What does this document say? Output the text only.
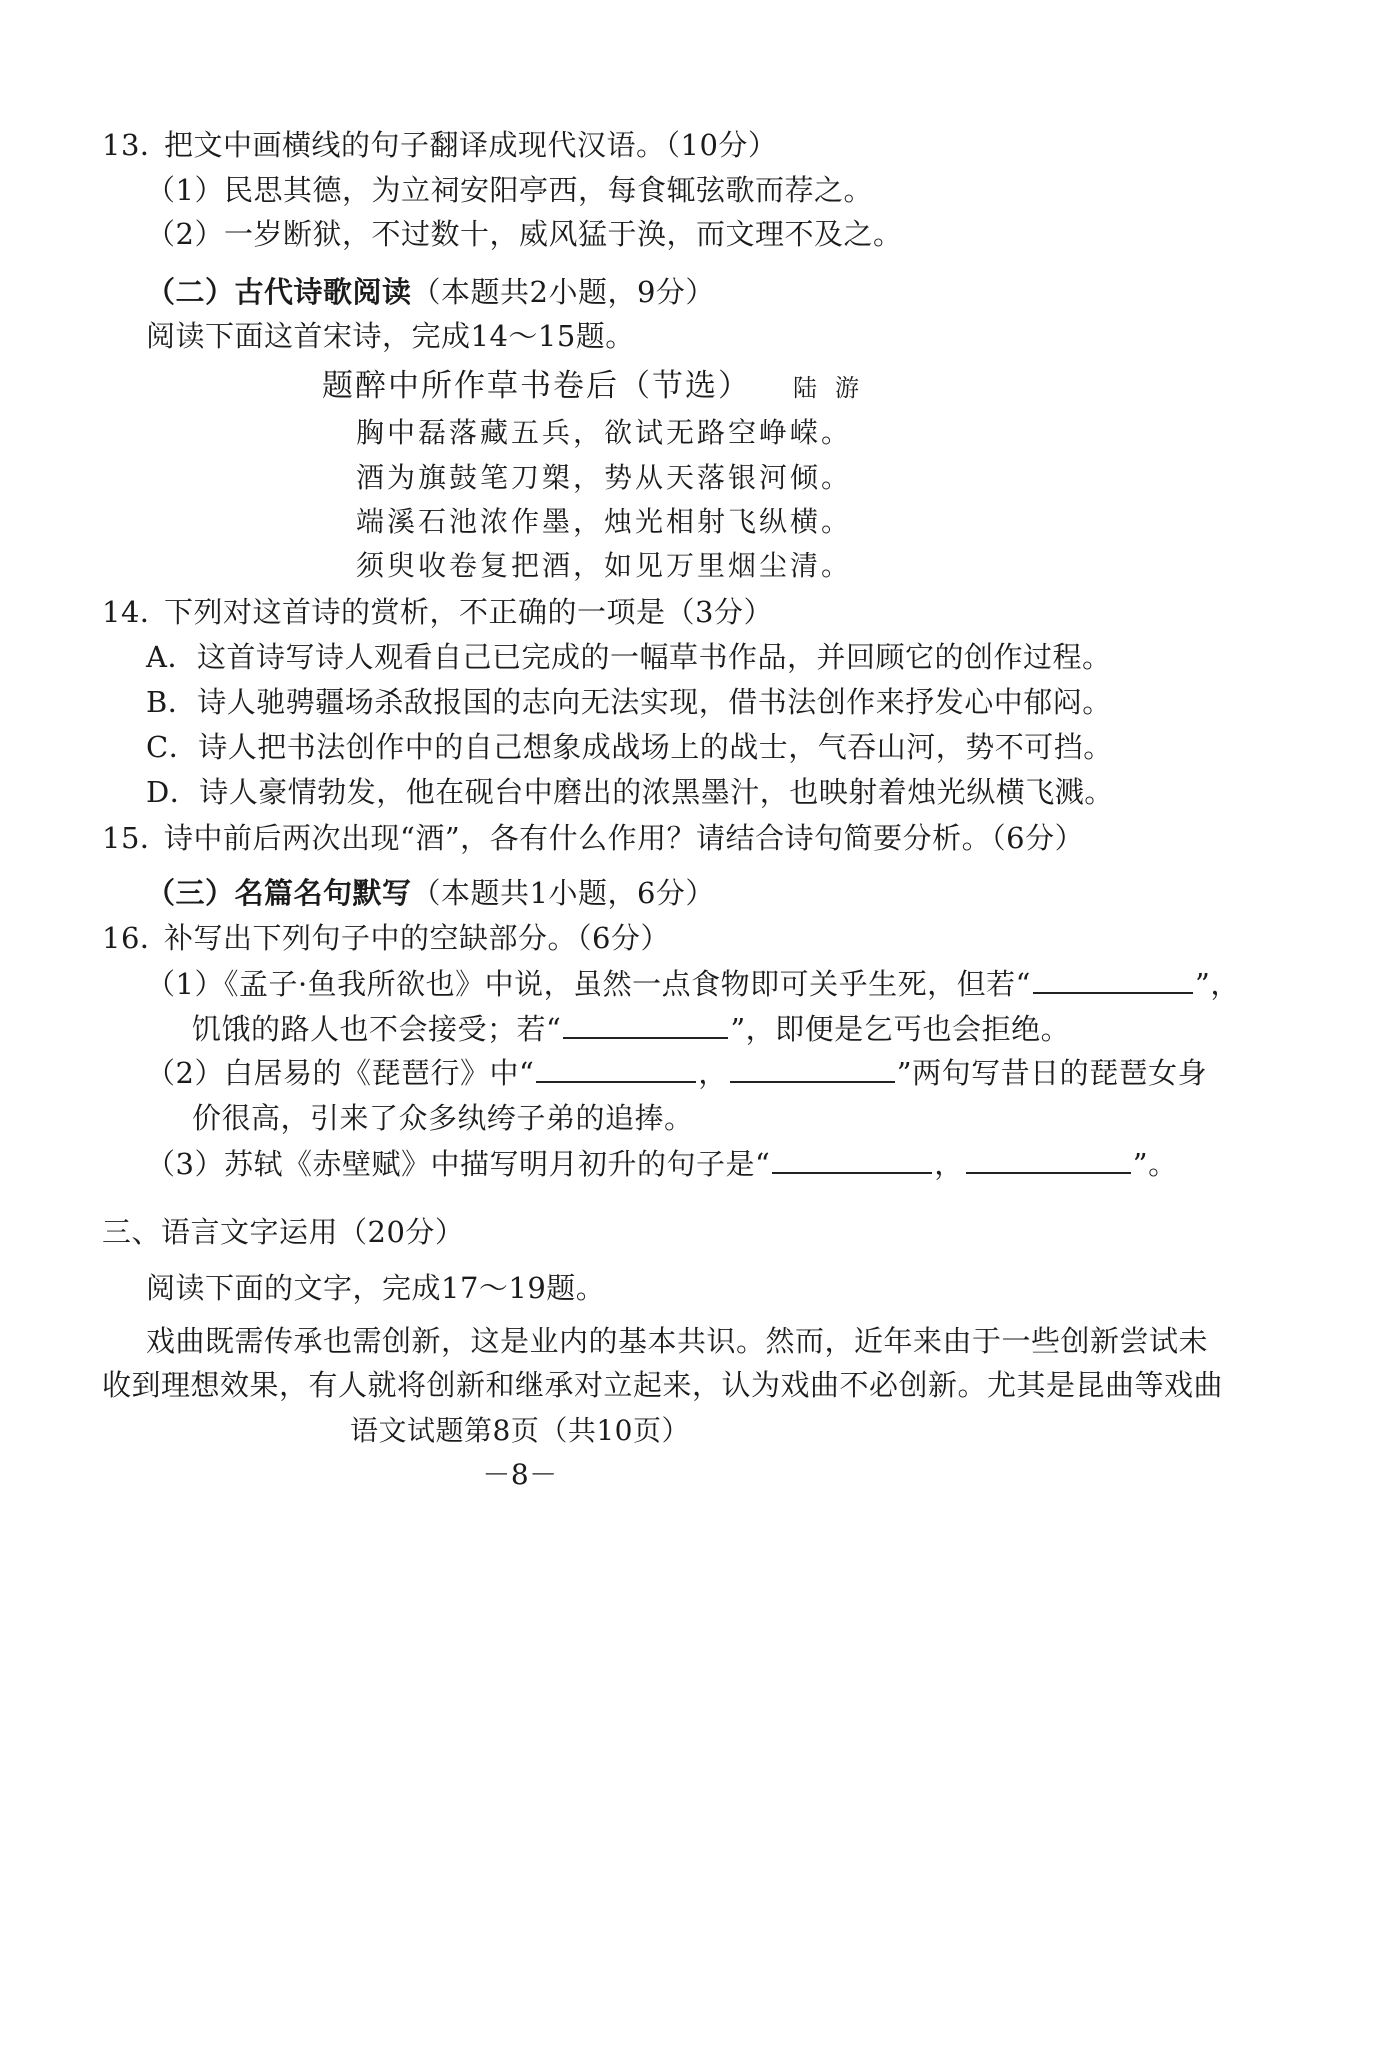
13．把文中画横线的句子翻译成现代汉语。（10分）
（1）民思其德，为立祠安阳亭西，每食辄弦歌而荐之。
（2）一岁断狱，不过数十，威风猛于涣，而文理不及之。
（二）古代诗歌阅读（本题共2小题，9分）
阅读下面这首宋诗，完成14～15题。
题醉中所作草书卷后（节选） 陆游
胸中磊落藏五兵，欲试无路空峥嵘。
酒为旗鼓笔刀槊，势从天落银河倾。
端溪石池浓作墨，烛光相射飞纵横。
须臾收卷复把酒，如见万里烟尘清。
14．下列对这首诗的赏析，不正确的一项是（3分）
A．这首诗写诗人观看自己已完成的一幅草书作品，并回顾它的创作过程。
B．诗人驰骋疆场杀敌报国的志向无法实现，借书法创作来抒发心中郁闷。
C．诗人把书法创作中的自己想象成战场上的战士，气吞山河，势不可挡。
D．诗人豪情勃发，他在砚台中磨出的浓黑墨汁，也映射着烛光纵横飞溅。
15．诗中前后两次出现“酒”，各有什么作用？请结合诗句简要分析。（6分）
（三）名篇名句默写（本题共1小题，6分）
16．补写出下列句子中的空缺部分。（6分）
（1）《孟子·鱼我所欲也》中说，虽然一点食物即可关乎生死，但若“	”，
饥饿的路人也不会接受；若“	”，即便是乞丐也会拒绝。
（2）白居易的《琵琶行》中“	，	”两句写昔日的琵琶女身
价很高，引来了众多纨绔子弟的追捧。
（3）苏轼《赤壁赋》中描写明月初升的句子是“	，	”。
三、语言文字运用（20分）
阅读下面的文字，完成17～19题。
戏曲既需传承也需创新，这是业内的基本共识。然而，近年来由于一些创新尝试未
收到理想效果，有人就将创新和继承对立起来，认为戏曲不必创新。尤其是昆曲等戏曲
语文试题第8页（共10页）
－8－
